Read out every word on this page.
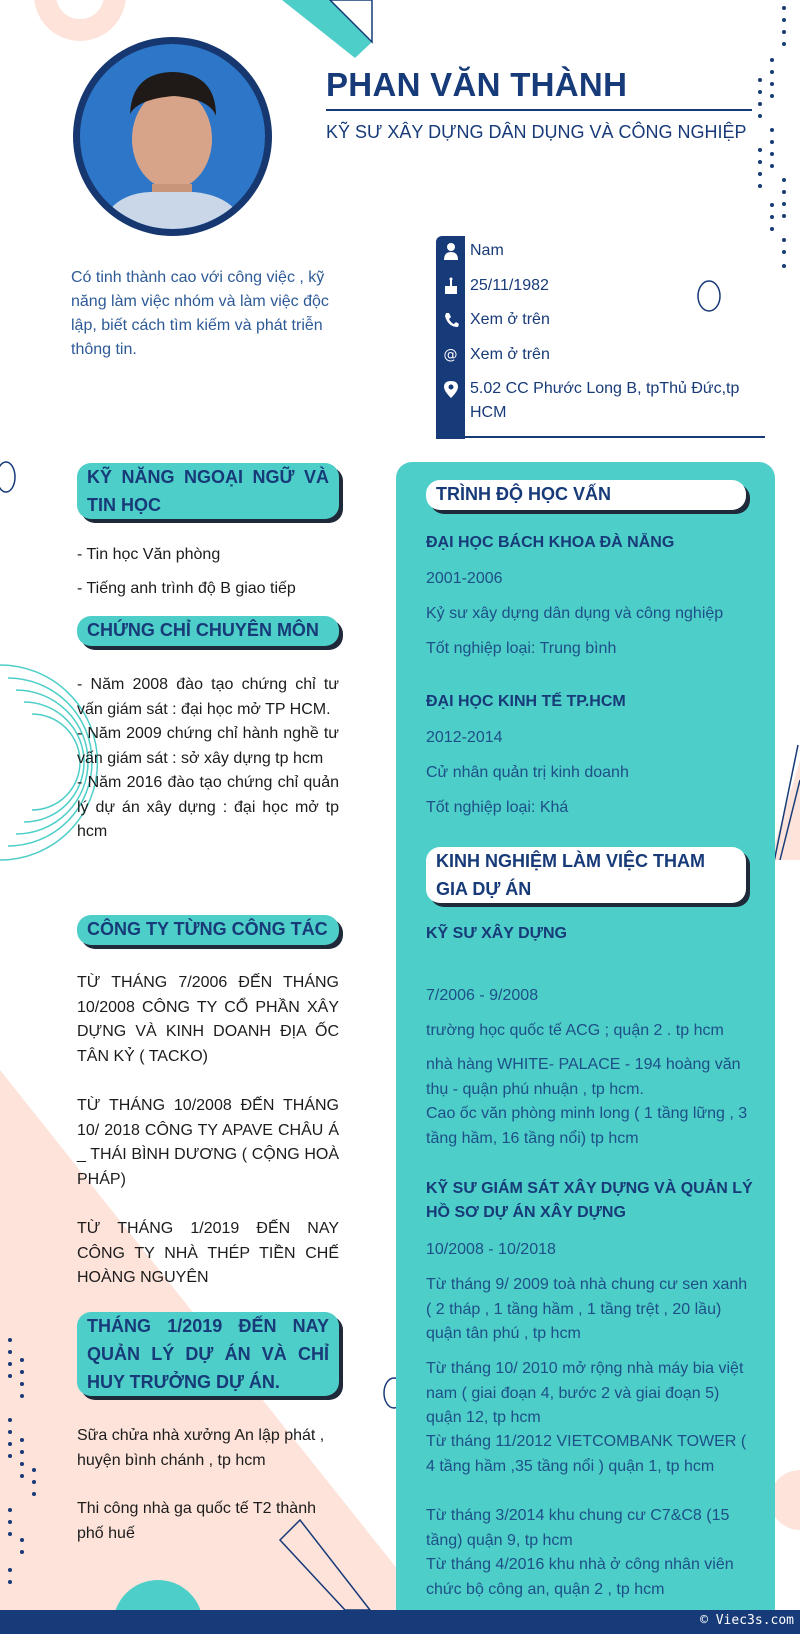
PHAN VĂN THÀNH
KỸ SƯ XÂY DỰNG DÂN DỤNG VÀ CÔNG NGHIỆP
Có tinh thành cao với công việc , kỹ năng làm việc nhóm và làm việc độc lập, biết cách tìm kiếm và phát triễn thông tin.
Nam
25/11/1982
Xem ở trên
@ Xem ở trên
5.02 CC Phước Long B, tpThủ Đức,tp HCM
KỸ NĂNG NGOẠI NGỮ VÀ TIN HỌC
- Tin học Văn phòng
- Tiếng anh trình độ B giao tiếp
CHỨNG CHỈ CHUYÊN MÔN

- Năm 2008 đào tạo chứng chỉ tư vấn giám sát : đại học mở TP HCM.

- Năm 2009 chứng chỉ hành nghề tư vấn giám sát : sở xây dựng tp hcm

- Năm 2016 đào tạo chứng chỉ quản lý dự án xây dựng : đại học mở tp hcm

CÔNG TY TỪNG CÔNG TÁC
TỪ THÁNG 7/2006 ĐẾN THÁNG 10/2008 CÔNG TY CỔ PHẦN XÂY DỰNG VÀ KINH DOANH ĐỊA ỐC TÂN KỶ ( TACKO)
TỪ THÁNG 10/2008 ĐẾN THÁNG 10/ 2018 CÔNG TY APAVE CHÂU Á _ THÁI BÌNH DƯƠNG ( CỘNG HOÀ PHÁP)
TỪ THÁNG 1/2019 ĐẾN NAY CÔNG TY NHÀ THÉP TIỀN CHẾ HOÀNG NGUYÊN
THÁNG 1/2019 ĐẾN NAY QUẢN LÝ DỰ ÁN VÀ CHỈ HUY TRƯỞNG DỰ ÁN.
Sữa chửa nhà xưởng An lập phát , huyện bình chánh , tp hcm
Thi công nhà ga quốc tế T2 thành phố huế
TRÌNH ĐỘ HỌC VẤN
ĐẠI HỌC BÁCH KHOA ĐÀ NẴNG
2001-2006
Kỷ sư xây dựng dân dụng và công nghiệp
Tốt nghiệp loại: Trung bình
ĐẠI HỌC KINH TẾ TP.HCM
2012-2014
Cử nhân quản trị kinh doanh
Tốt nghiệp loại: Khá
KINH NGHIỆM LÀM VIỆC THAM GIA DỰ ÁN
KỸ SƯ XÂY DỰNG
7/2006 - 9/2008
trường học quốc tế ACG ; quận 2 . tp hcm
nhà hàng WHITE- PALACE - 194 hoàng văn thụ - quận phú nhuận , tp hcm.
Cao ốc văn phòng minh long ( 1 tầng lững , 3 tầng hầm, 16 tầng nổi) tp hcm
KỸ SƯ GIÁM SÁT XÂY DỰNG VÀ QUẢN LÝ HỒ SƠ DỰ ÁN XÂY DỰNG
10/2008 - 10/2018
Từ tháng 9/ 2009 toà nhà chung cư sen xanh ( 2 tháp , 1 tầng hầm , 1 tầng trệt , 20 lầu) quận tân phú , tp hcm
Từ tháng 10/ 2010 mở rộng nhà máy bia việt nam ( giai đoạn 4, bước 2 và giai đoạn 5) quận 12, tp hcm
Từ tháng 11/2012 VIETCOMBANK TOWER ( 4 tầng hầm ,35 tầng nổi ) quận 1, tp hcm
Từ tháng 3/2014 khu chung cư C7&C8 (15 tầng) quận 9, tp hcm
Từ tháng 4/2016 khu nhà ở công nhân viên chức bộ công an, quận 2 , tp hcm
© Viec3s.com
